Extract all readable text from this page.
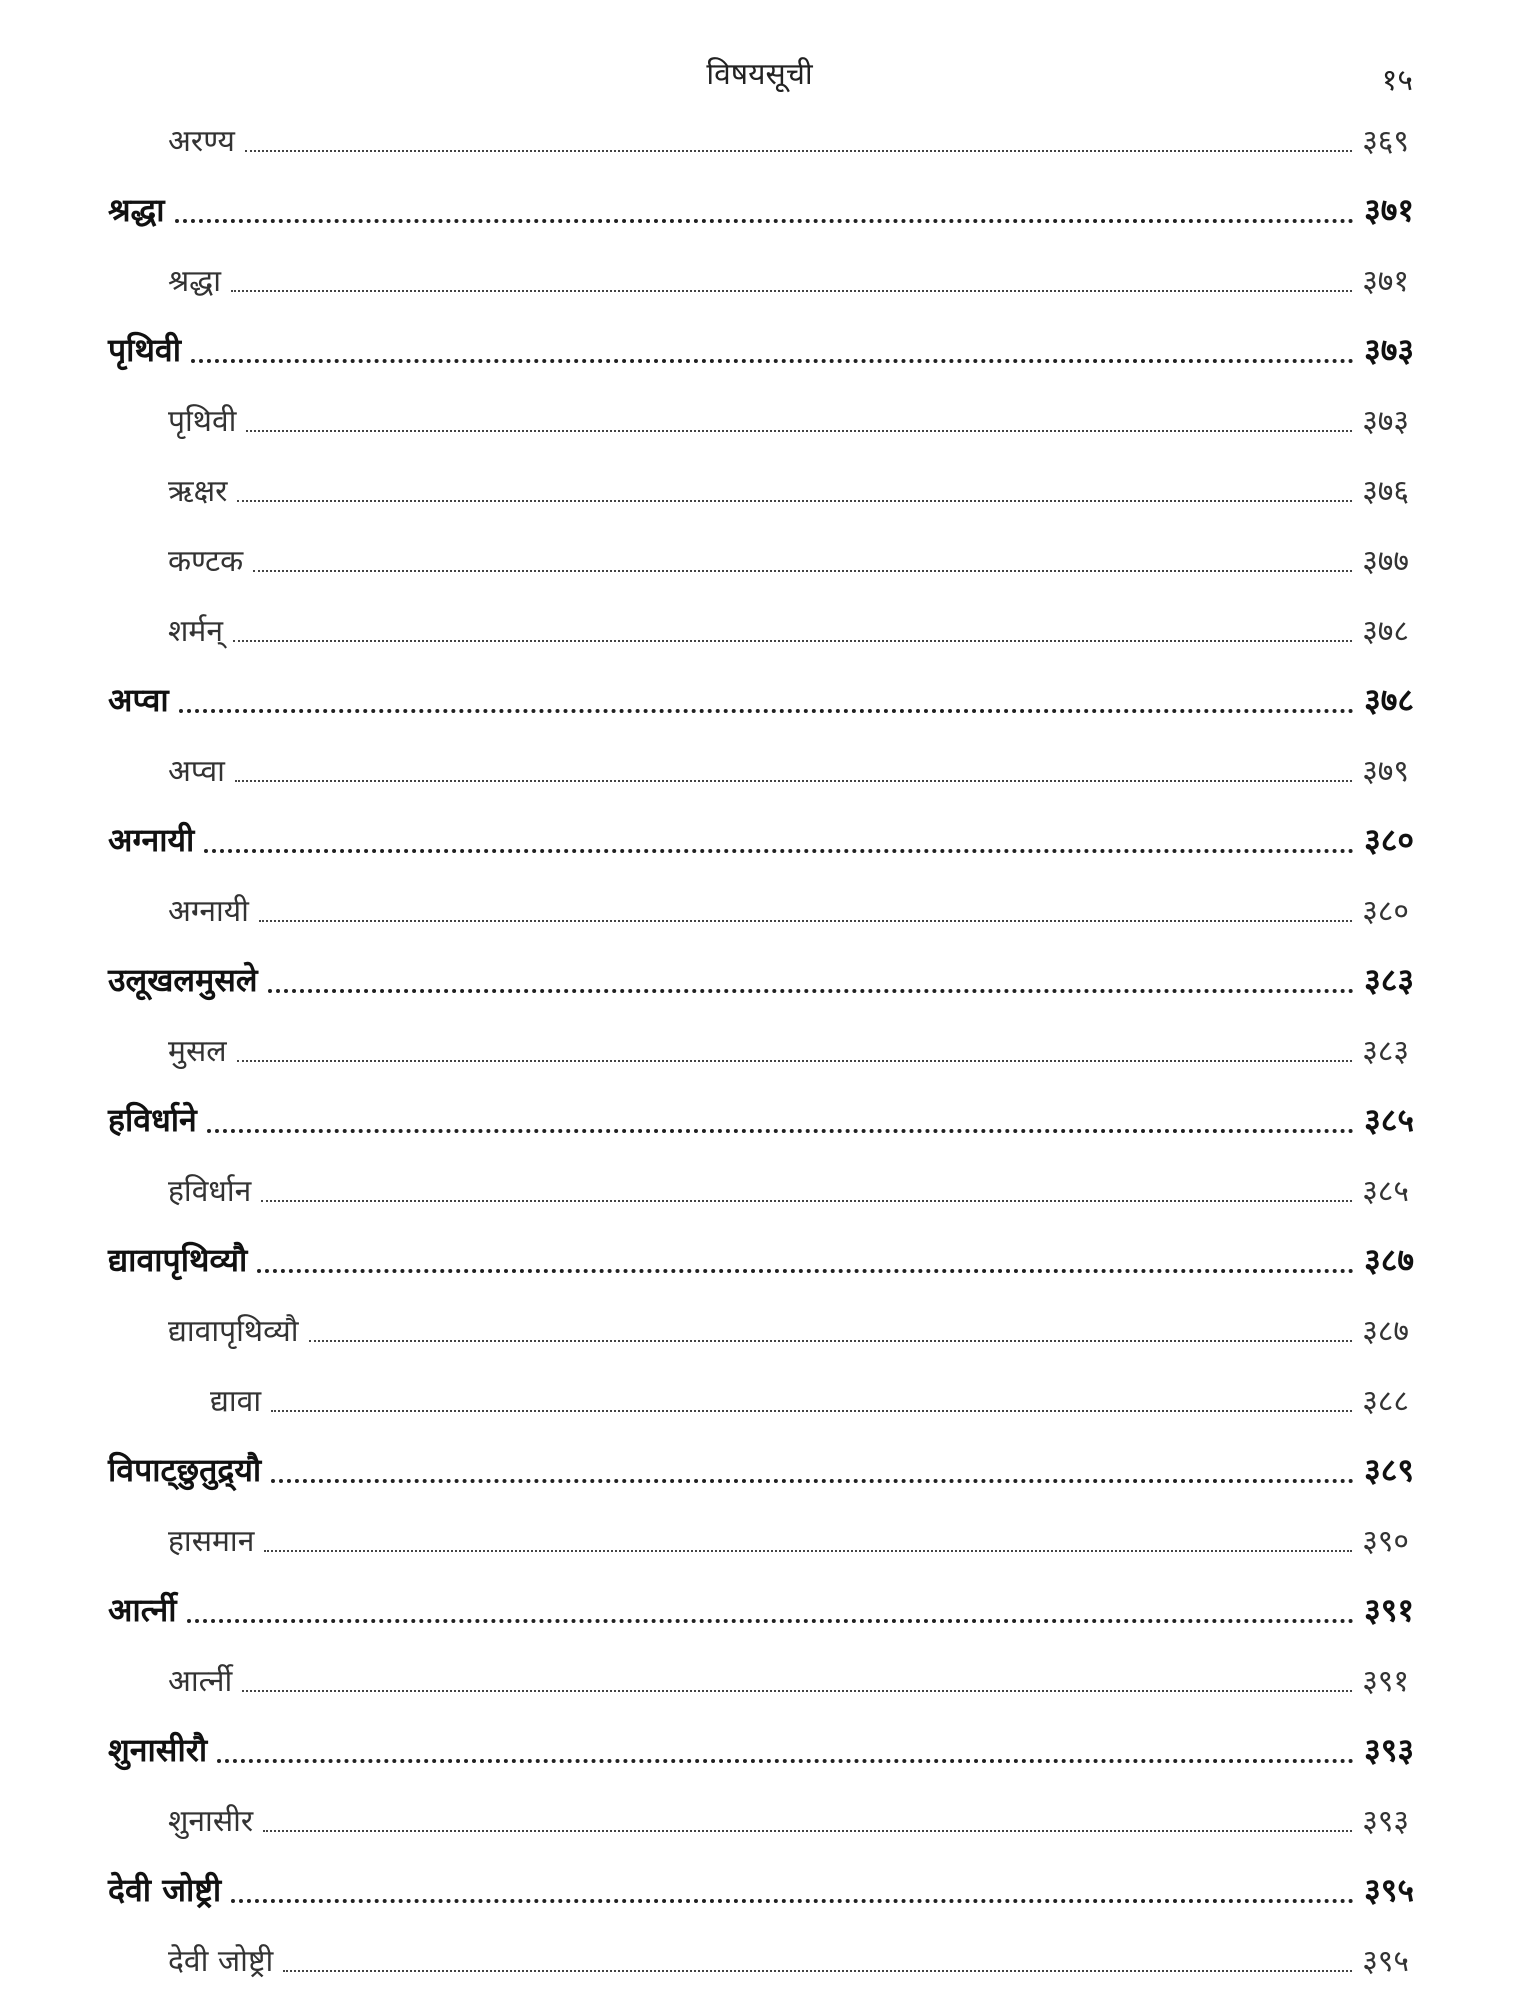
विषयसूची	१५
अरण्य	३६९
श्रद्धा	३७१
श्रद्धा	३७१
पृथिवी	३७३
पृथिवी	३७३
ऋक्षर	३७६
कण्टक	३७७
शर्मन्	३७८
अप्वा	३७८
अप्वा	३७९
अग्नायी	३८०
अग्नायी	३८०
उलूखलमुसले	३८३
मुसल	३८३
हविर्धाने	३८५
हविर्धान	३८५
द्यावापृथिव्यौ	३८७
द्यावापृथिव्यौ	३८७
द्यावा	३८८
विपाट्छुतुद्र्यौ	३८९
हासमान	३९०
आर्त्नी	३९१
आर्त्नी	३९१
शुनासीरौ	३९३
शुनासीर	३९३
देवी जोष्ट्री	३९५
देवी जोष्ट्री	३९५
